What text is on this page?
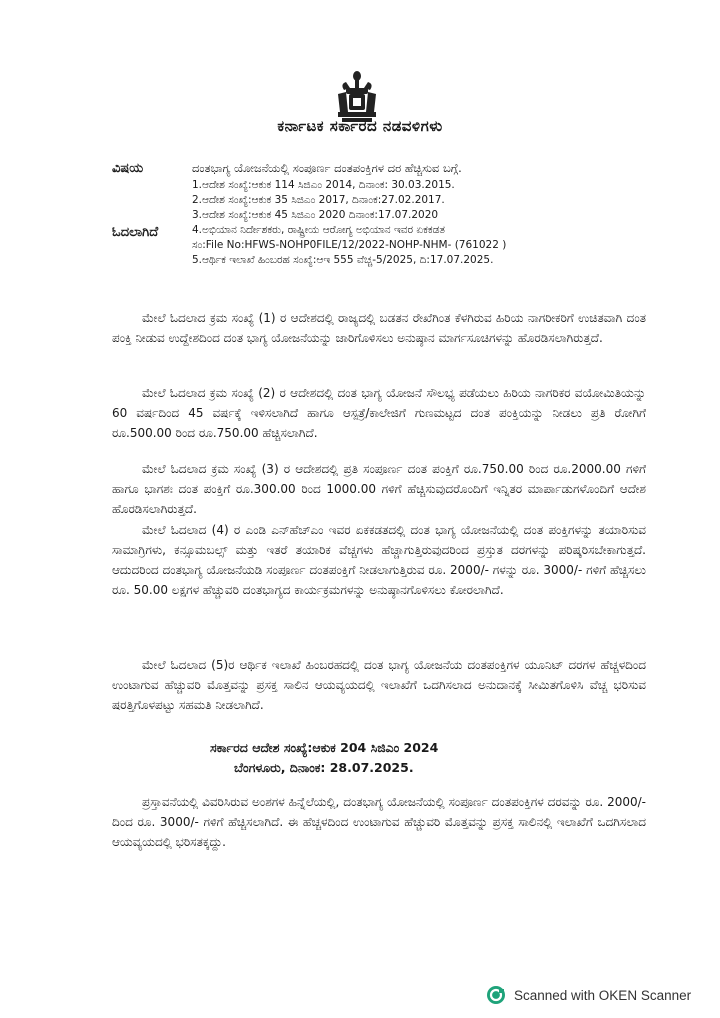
ಕರ್ನಾಟಕ ಸರ್ಕಾರದ ನಡವಳಿಗಳು
ವಿಷಯ	ದಂತಭಾಗ್ಯ ಯೋಜನೆಯಲ್ಲಿ ಸಂಪೂರ್ಣ ದಂತಪಂಕ್ತಿಗಳ ದರ ಹೆಚ್ಚಿಸುವ ಬಗ್ಗೆ.
ಓದಲಾಗಿದೆ
1.ಆದೇಶ ಸಂಖ್ಯೆ:ಆಕುಕ 114 ಸಿಜಿಎಂ 2014, ದಿನಾಂಕ: 30.03.2015.
2.ಆದೇಶ ಸಂಖ್ಯೆ:ಆಕುಕ 35 ಸಿಜಿಎಂ 2017, ದಿನಾಂಕ:27.02.2017.
3.ಆದೇಶ ಸಂಖ್ಯೆ:ಆಕುಕ 45 ಸಿಜಿಎಂ 2020 ದಿನಾಂಕ:17.07.2020
4.ಅಭಿಯಾನ ನಿರ್ದೇಶಕರು, ರಾಷ್ಟ್ರೀಯ ಆರೋಗ್ಯ ಅಭಿಯಾನ ಇವರ ಏಕಕಡತ
ಸಂ:File No:HFWS-NOHP0FILE/12/2022-NOHP-NHM- (761022 )
5.ಆರ್ಥಿಕ ಇಲಾಖೆ ಹಿಂಬರಹ ಸಂಖ್ಯೆ:ಆಇ 555 ವೆಚ್ಚ-5/2025, ದಿ:17.07.2025.
ಮೇಲೆ ಓದಲಾದ ಕ್ರಮ ಸಂಖ್ಯೆ (1) ರ ಆದೇಶದಲ್ಲಿ ರಾಜ್ಯದಲ್ಲಿ ಬಡತನ ರೇಖೆಗಿಂತ ಕೆಳಗಿರುವ ಹಿರಿಯ ನಾಗರೀಕರಿಗೆ ಉಚಿತವಾಗಿ ದಂತ ಪಂಕ್ತಿ ನೀಡುವ ಉದ್ದೇಶದಿಂದ ದಂತ ಭಾಗ್ಯ ಯೋಜನೆಯನ್ನು ಜಾರಿಗೊಳಿಸಲು ಅನುಷ್ಠಾನ ಮಾರ್ಗಸೂಚಿಗಳನ್ನು ಹೊರಡಿಸಲಾಗಿರುತ್ತದೆ.
ಮೇಲೆ ಓದಲಾದ ಕ್ರಮ ಸಂಖ್ಯೆ (2) ರ ಆದೇಶದಲ್ಲಿ ದಂತ ಭಾಗ್ಯ ಯೋಜನೆ ಸೌಲಭ್ಯ ಪಡೆಯಲು ಹಿರಿಯ ನಾಗರಿಕರ ವಯೋಮಿತಿಯನ್ನು 60 ವರ್ಷದಿಂದ 45 ವರ್ಷಕ್ಕೆ ಇಳಿಸಲಾಗಿದೆ ಹಾಗೂ ಆಸ್ಪತ್ರೆ/ಕಾಲೇಜಿಗೆ ಗುಣಮಟ್ಟದ ದಂತ ಪಂಕ್ತಿಯನ್ನು ನೀಡಲು ಪ್ರತಿ ರೋಗಿಗೆ ರೂ.500.00 ರಿಂದ ರೂ.750.00 ಹೆಚ್ಚಿಸಲಾಗಿದೆ.
ಮೇಲೆ ಓದಲಾದ ಕ್ರಮ ಸಂಖ್ಯೆ (3) ರ ಆದೇಶದಲ್ಲಿ ಪ್ರತಿ ಸಂಪೂರ್ಣ ದಂತ ಪಂಕ್ತಿಗೆ ರೂ.750.00 ರಿಂದ ರೂ.2000.00 ಗಳಿಗೆ ಹಾಗೂ ಭಾಗಶಃ ದಂತ ಪಂಕ್ತಿಗೆ ರೂ.300.00 ರಿಂದ 1000.00 ಗಳಿಗೆ ಹೆಚ್ಚಿಸುವುದರೊಂದಿಗೆ ಇನ್ನಿತರ ಮಾರ್ಪಾಡುಗಳೊಂದಿಗೆ ಆದೇಶ ಹೊರಡಿಸಲಾಗಿರುತ್ತದೆ.
ಮೇಲೆ ಓದಲಾದ (4) ರ ಎಂಡಿ ಎನ್‌ಹೆಚ್‌ಎಂ ಇವರ ಏಕಕಡತದಲ್ಲಿ ದಂತ ಭಾಗ್ಯ ಯೋಜನೆಯಲ್ಲಿ ದಂತ ಪಂಕ್ತಿಗಳನ್ನು ತಯಾರಿಸುವ ಸಾಮಾಗ್ರಿಗಳು, ಕನ್ಸೂಮಬಲ್ಸ್ ಮತ್ತು ಇತರೆ ತಯಾರಿಕ ವೆಚ್ಚಗಳು ಹೆಚ್ಚಾಗುತ್ತಿರುವುದರಿಂದ ಪ್ರಸ್ತುತ ದರಗಳನ್ನು ಪರಿಷ್ಕರಿಸಬೇಕಾಗುತ್ತದೆ. ಆದುದರಿಂದ ದಂತಭಾಗ್ಯ ಯೋಜನೆಯಡಿ ಸಂಪೂರ್ಣ ದಂತಪಂಕ್ತಿಗೆ ನೀಡಲಾಗುತ್ತಿರುವ ರೂ. 2000/- ಗಳನ್ನು ರೂ. 3000/- ಗಳಿಗೆ ಹೆಚ್ಚಿಸಲು ರೂ. 50.00 ಲಕ್ಷಗಳ ಹೆಚ್ಚುವರಿ ದಂತಭಾಗ್ಯದ ಕಾರ್ಯಕ್ರಮಗಳನ್ನು ಅನುಷ್ಠಾನಗೊಳಿಸಲು ಕೋರಲಾಗಿದೆ.
ಮೇಲೆ ಓದಲಾದ (5)ರ ಆರ್ಥಿಕ ಇಲಾಖೆ ಹಿಂಬರಹದಲ್ಲಿ ದಂತ ಭಾಗ್ಯ ಯೋಜನೆಯ ದಂತಪಂಕ್ತಿಗಳ ಯೂನಿಟ್ ದರಗಳ ಹೆಚ್ಚಳದಿಂದ ಉಂಟಾಗುವ ಹೆಚ್ಚುವರಿ ಮೊತ್ತವನ್ನು ಪ್ರಸಕ್ತ ಸಾಲಿನ ಆಯವ್ಯಯದಲ್ಲಿ ಇಲಾಖೆಗೆ ಒದಗಿಸಲಾದ ಅನುದಾನಕ್ಕೆ ಸೀಮಿತಗೊಳಿಸಿ ವೆಚ್ಚ ಭರಿಸುವ ಷರತ್ತಿಗೊಳಪಟ್ಟು ಸಹಮತಿ ನೀಡಲಾಗಿದೆ.
ಸರ್ಕಾರದ ಆದೇಶ ಸಂಖ್ಯೆ:ಆಕುಕ 204 ಸಿಜಿಎಂ 2024
ಬೆಂಗಳೂರು, ದಿನಾಂಕ: 28.07.2025.
ಪ್ರಸ್ತಾವನೆಯಲ್ಲಿ ವಿವರಿಸಿರುವ ಅಂಶಗಳ ಹಿನ್ನೆಲೆಯಲ್ಲಿ, ದಂತಭಾಗ್ಯ ಯೋಜನೆಯಲ್ಲಿ ಸಂಪೂರ್ಣ ದಂತಪಂಕ್ತಿಗಳ ದರವನ್ನು ರೂ. 2000/-ದಿಂದ ರೂ. 3000/- ಗಳಿಗೆ ಹೆಚ್ಚಿಸಲಾಗಿದೆ. ಈ ಹೆಚ್ಚಳದಿಂದ ಉಂಟಾಗುವ ಹೆಚ್ಚುವರಿ ಮೊತ್ತವನ್ನು ಪ್ರಸಕ್ತ ಸಾಲಿನಲ್ಲಿ ಇಲಾಖೆಗೆ ಒದಗಿಸಲಾದ ಆಯವ್ಯಯದಲ್ಲಿ ಭರಿಸತಕ್ಕದ್ದು.
Scanned with OKEN Scanner
